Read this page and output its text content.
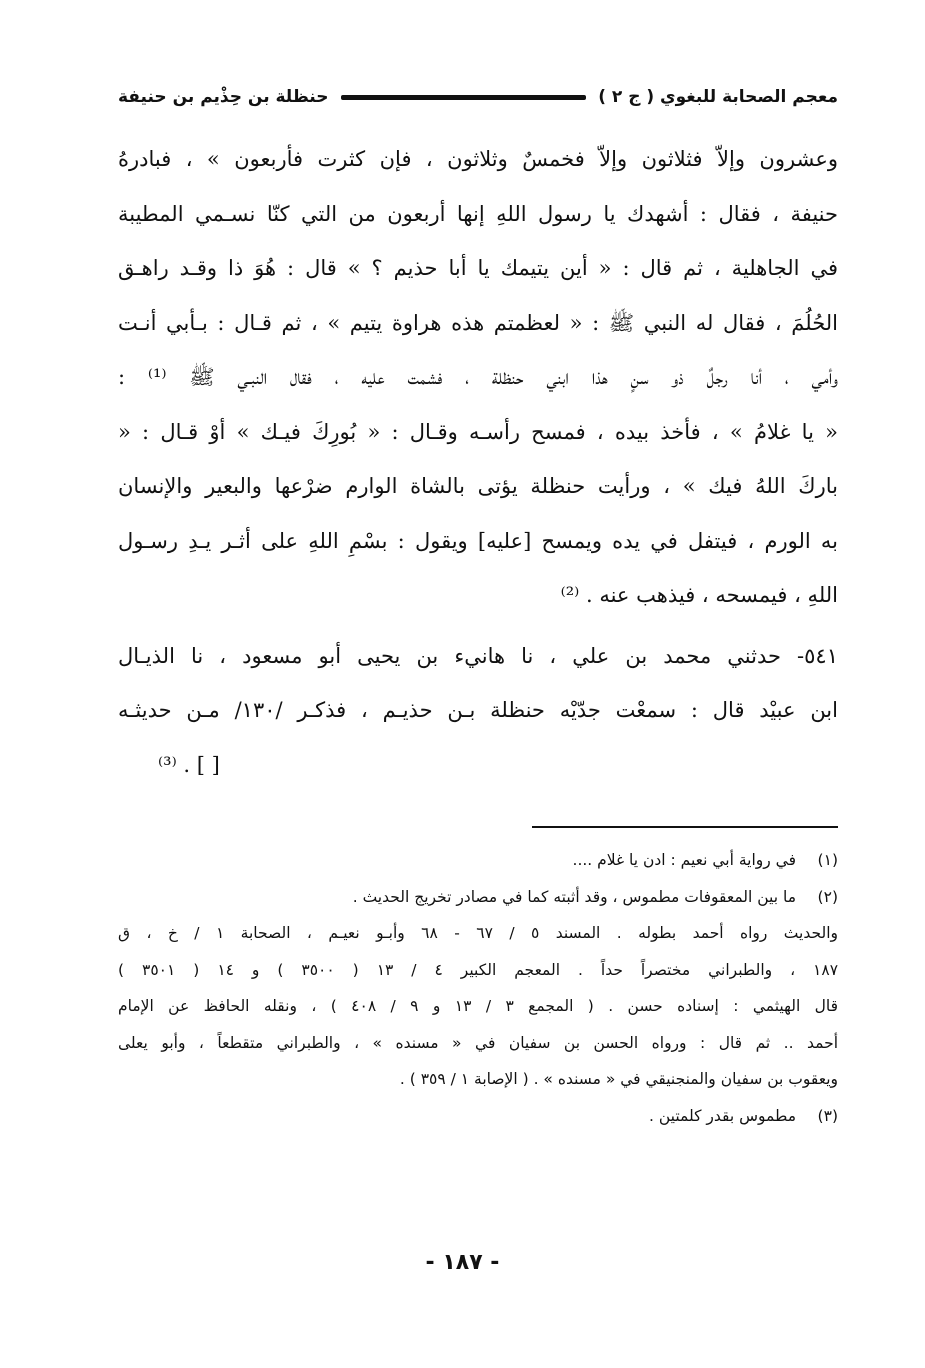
معجم الصحابة للبغوي ( ج ٢ )
حنظلة بن حِذْيم بن حنيفة
وعشرون وإلاّ فثلاثون وإلاّ فخمسٌ وثلاثون ، فإن كثرت فأربعون » ، فبادرهُ
حنيفة ، فقال : أشهدك يا رسول اللهِ إنها أربعون من التي كنّا نسـمي المطيبة
في الجاهلية ، ثم قال : « أين يتيمك يا أبا حذيم ؟ » قال : هُوَ ذا وقـد راهـق
الحُلُمَ ، فقال له النبي ﷺ : « لعظمتم هذه هراوة يتيم » ، ثم قـال : بـأبي أنـت
وأمي ، أنا رجلٌ ذو سنٍ هذا ابني حنظلة ، فشمت عليه ، فقال النبـي ﷺ ⁽¹⁾ :
« يا غلامُ » ، فأخذ بيده ، فمسح رأسـه وقـال : « بُورِكَ فيـك » أوْ قـال : «
باركَ اللهُ فيك » ، ورأيت حنظلة يؤتى بالشاة الوارم ضرْعها والبعير والإنسان
به الورم ، فيتفل في يده ويمسح [عليه] ويقول : بسْمِ اللهِ على أثـر يـدِ رسـول
اللهِ ، فيمسحه ، فيذهب عنه . ⁽²⁾
٥٤١- حدثني محمد بن علي ، نا هانيء بن يحيى أبو مسعود ، نا الذيـال
ابن عبيْد قال : سمعْت جدّيْه حنظلة بـن حذيـم ، فذكـر /١٣٠/ مـن حديثـه
[ ] . ⁽³⁾
(١)
في رواية أبي نعيم : ادن يا غلام ....
(٢)
ما بين المعقوفات مطموس ، وقد أثبته كما في مصادر تخريج الحديث .
والحديث رواه أحمد بطوله . المسند ٥ / ٦٧ - ٦٨ وأبـو نعيـم ، الصحابة ١ / خ ، ق
١٨٧ ، والطبراني مختصراً حداً . المعجم الكبير ٤ / ١٣ ( ٣٥٠٠ ) و ١٤ ( ٣٥٠١ )
قال الهيثمي : إسناده حسن . ( المجمع ٣ / ١٣ و ٩ / ٤٠٨ ) ، ونقله الحافظ عن الإمام
أحمد .. ثم قال : ورواه الحسن بن سفيان في « مسنده » ، والطبراني متقطعاً ، وأبو يعلى
ويعقوب بن سفيان والمنجنيقي في « مسنده » . ( الإصابة ١ / ٣٥٩ ) .
(٣)
مطموس بقدر كلمتين .
- ١٨٧ -
